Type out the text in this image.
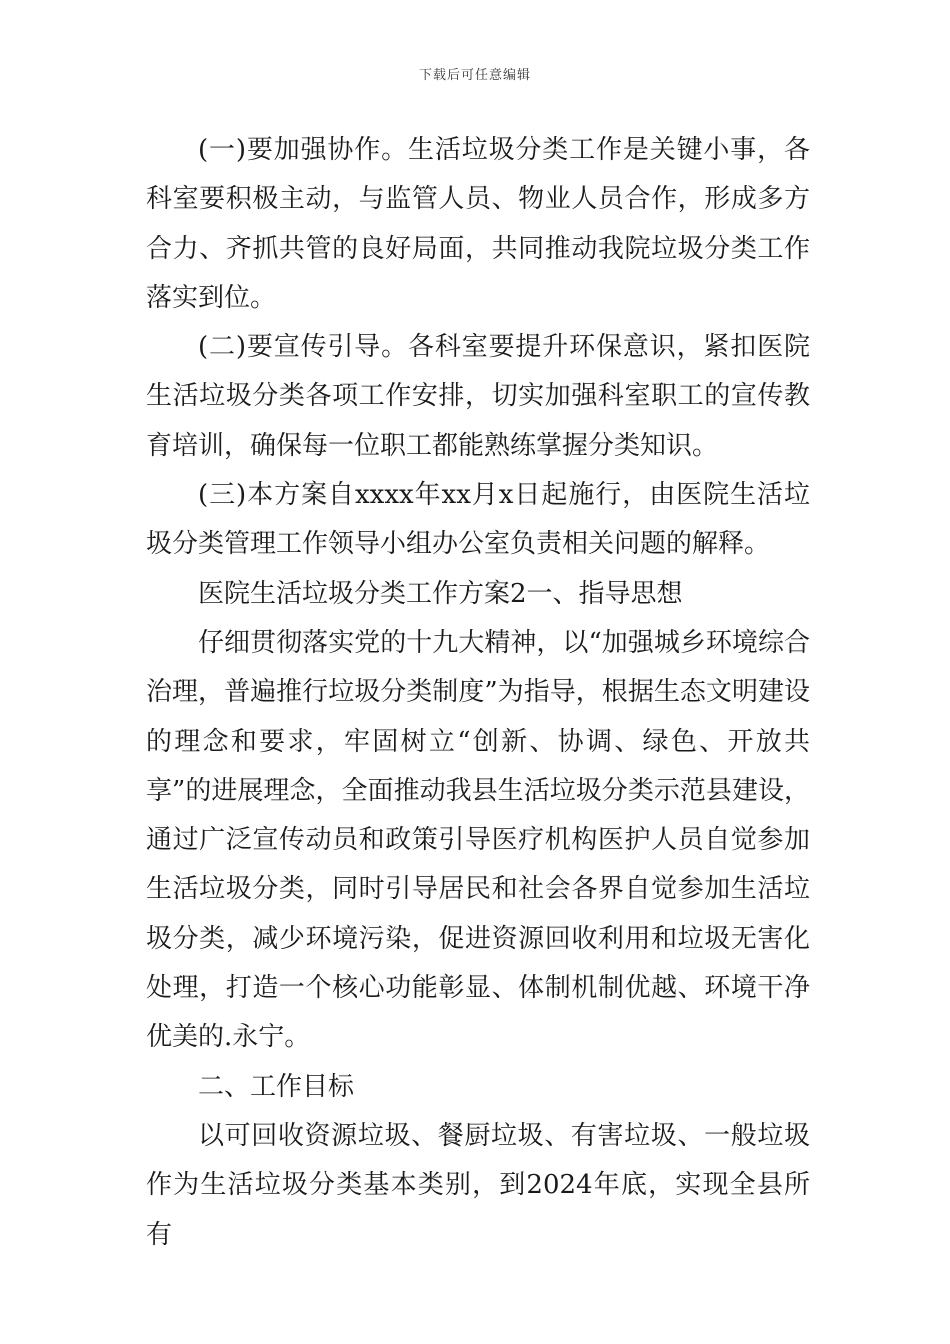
下载后可任意编辑

(一)要加强协作。生活垃圾分类工作是关键小事，各科室要积极主动，与监管人员、物业人员合作，形成多方合力、齐抓共管的良好局面，共同推动我院垃圾分类工作落实到位。

(二)要宣传引导。各科室要提升环保意识，紧扣医院生活垃圾分类各项工作安排，切实加强科室职工的宣传教育培训，确保每一位职工都能熟练掌握分类知识。

(三)本方案自xxxx年xx月x日起施行，由医院生活垃圾分类管理工作领导小组办公室负责相关问题的解释。

医院生活垃圾分类工作方案2一、指导思想

仔细贯彻落实党的十九大精神，以“加强城乡环境综合治理，普遍推行垃圾分类制度”为指导，根据生态文明建设的理念和要求，牢固树立“创新、协调、绿色、开放共享”的进展理念，全面推动我县生活垃圾分类示范县建设，通过广泛宣传动员和政策引导医疗机构医护人员自觉参加生活垃圾分类，同时引导居民和社会各界自觉参加生活垃圾分类，减少环境污染，促进资源回收利用和垃圾无害化处理，打造一个核心功能彰显、体制机制优越、环境干净优美的.永宁。

二、工作目标

以可回收资源垃圾、餐厨垃圾、有害垃圾、一般垃圾作为生活垃圾分类基本类别，到2024年底，实现全县所有
